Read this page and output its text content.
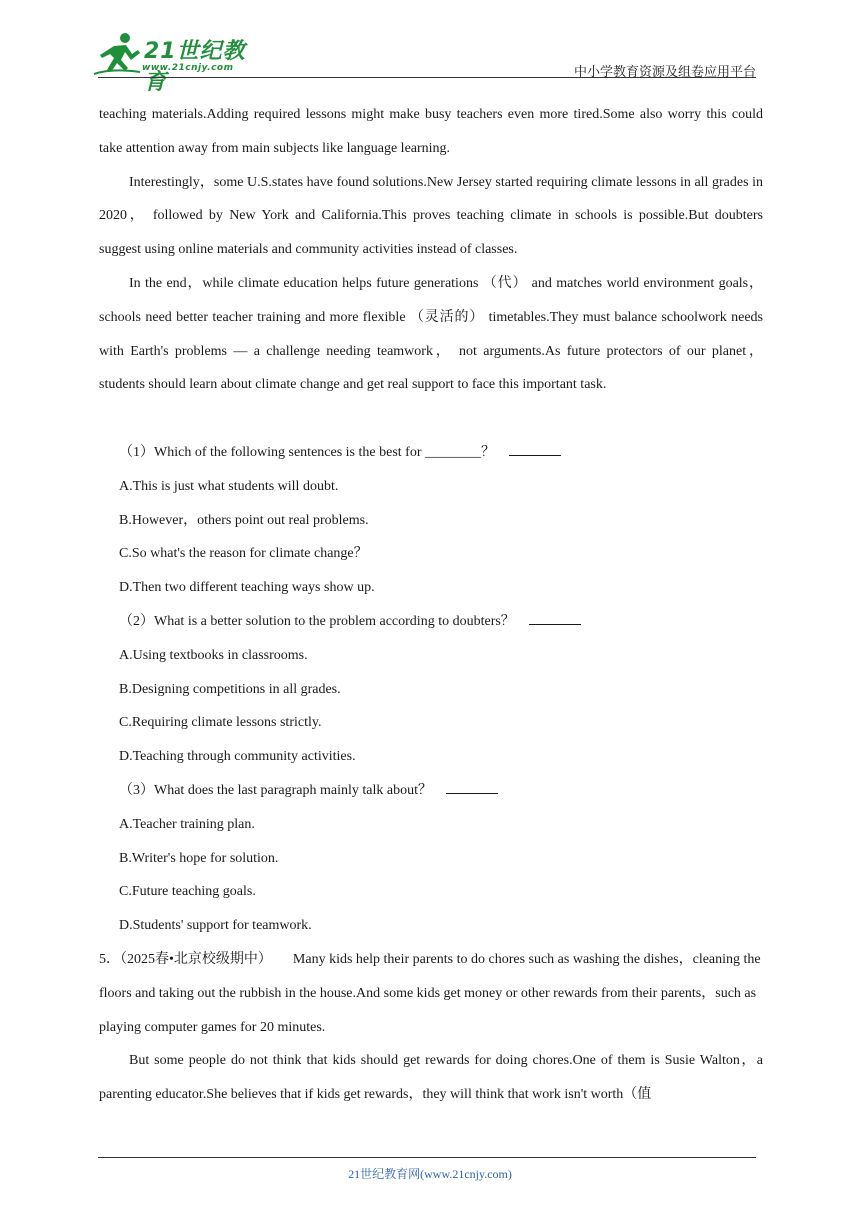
21世纪教育
www.21cnjy.com	中小学教育资源及组卷应用平台

teaching materials.Adding required lessons might make busy teachers even more tired.Some also worry this could take attention away from main subjects like language learning.

Interestingly，some U.S.states have found solutions.New Jersey started requiring climate lessons in all grades in 2020， followed by New York and California.This proves teaching climate in schools is possible.But doubters suggest using online materials and community activities instead of classes.

In the end，while climate education helps future generations （代） and matches world environment goals，schools need better teacher training and more flexible （灵活的） timetables.They must balance schoolwork needs with Earth's problems — a challenge needing teamwork， not arguments.As future protectors of our planet， students should learn about climate change and get real support to face this important task.

（1）Which of the following sentences is the best for ________？

A.This is just what students will doubt.

B.However，others point out real problems.

C.So what's the reason for climate change？

D.Then two different teaching ways show up.

（2）What is a better solution to the problem according to doubters？

A.Using textbooks in classrooms.

B.Designing competitions in all grades.

C.Requiring climate lessons strictly.

D.Teaching through community activities.

（3）What does the last paragraph mainly talk about？

A.Teacher training plan.

B.Writer's hope for solution.

C.Future teaching goals.

D.Students' support for teamwork.

5．（2025春•北京校级期中） Many kids help their parents to do chores such as washing the dishes，cleaning the floors and taking out the rubbish in the house.And some kids get money or other rewards from their parents，such as playing computer games for 20 minutes.

But some people do not think that kids should get rewards for doing chores.One of them is Susie Walton，a parenting educator.She believes that if kids get rewards，they will think that work isn't worth（值

21世纪教育网(www.21cnjy.com)
